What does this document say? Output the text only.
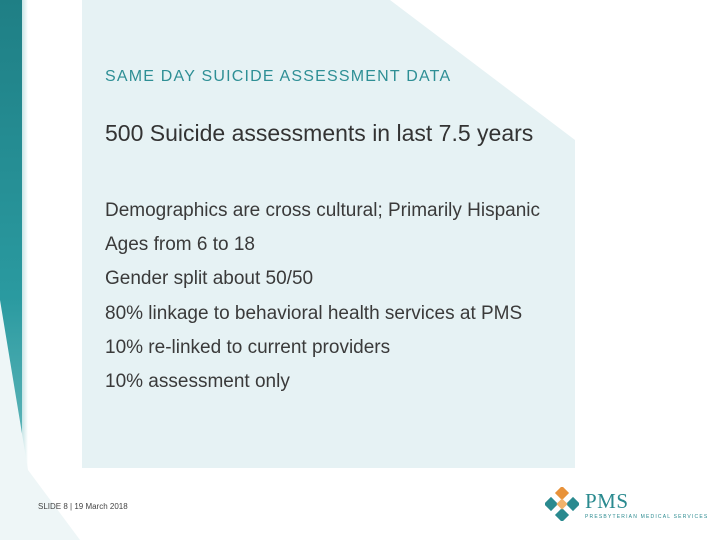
SAME DAY SUICIDE ASSESSMENT DATA
500 Suicide assessments in last 7.5 years
Demographics are cross cultural; Primarily Hispanic
Ages from 6 to 18
Gender split about 50/50
80% linkage to behavioral health services at PMS
10% re-linked to current providers
10% assessment only
SLIDE 8 | 19 March 2018	PMS
PRESBYTERIAN MEDICAL SERVICES
